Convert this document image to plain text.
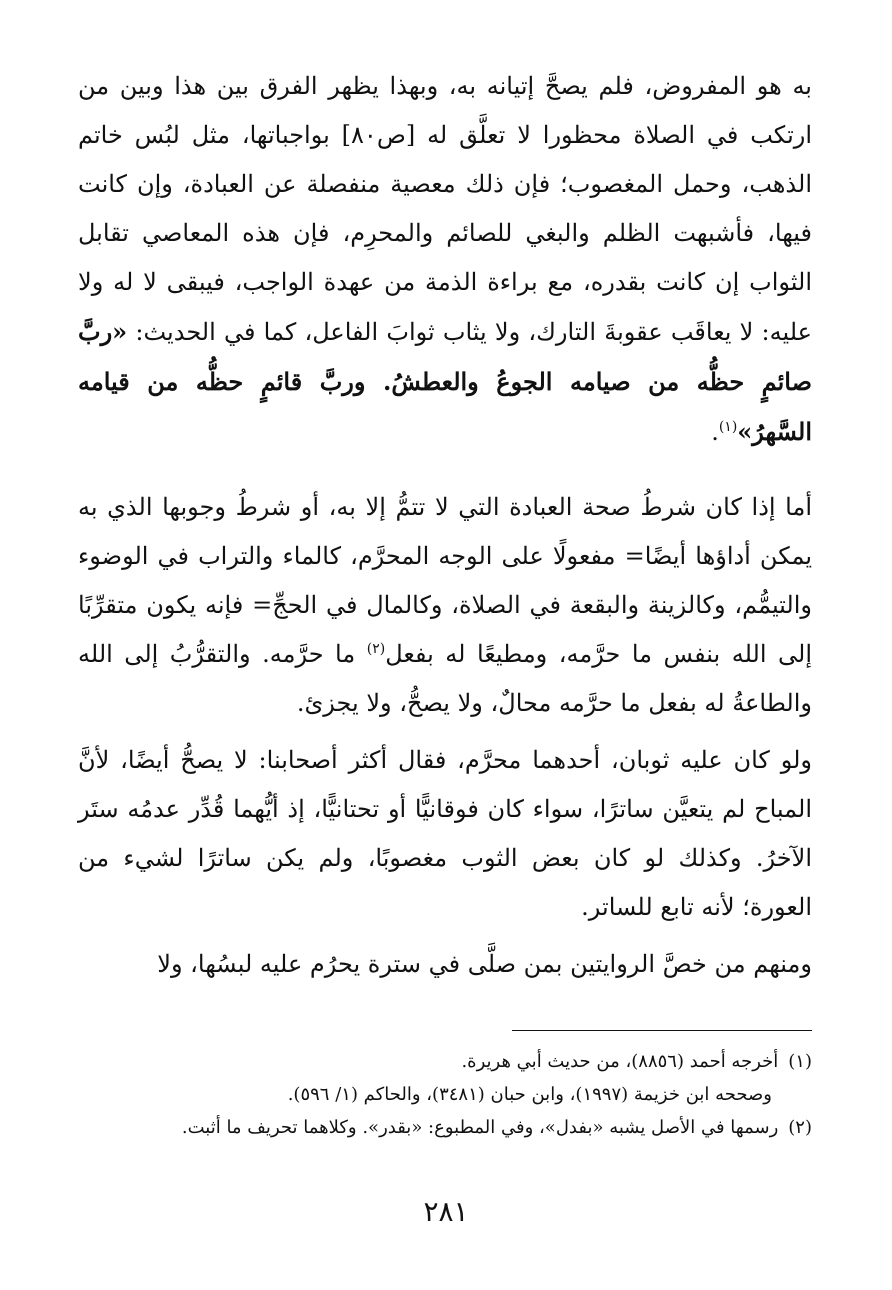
به هو المفروض، فلم يصحَّ إتيانه به، وبهذا يظهر الفرق بين هذا وبين من ارتكب في الصلاة محظورا لا تعلَّق له [ص٨٠] بواجباتها، مثل لبُس خاتم الذهب، وحمل المغصوب؛ فإن ذلك معصية منفصلة عن العبادة، وإن كانت فيها، فأشبهت الظلم والبغي للصائم والمحرِم، فإن هذه المعاصي تقابل الثواب إن كانت بقدره، مع براءة الذمة من عهدة الواجب، فيبقى لا له ولا عليه: لا يعاقَب عقوبةَ التارك، ولا يثاب ثوابَ الفاعل، كما في الحديث: «ربَّ صائمٍ حظُّه من صيامه الجوعُ والعطشُ. وربَّ قائمٍ حظُّه من قيامه السَّهرُ»$^{(١)}$.

أما إذا كان شرطُ صحة العبادة التي لا تتمُّ إلا به، أو شرطُ وجوبها الذي به يمكن أداؤها أيضًا= مفعولًا على الوجه المحرَّم، كالماء والتراب في الوضوء والتيمُّم، وكالزينة والبقعة في الصلاة، وكالمال في الحجِّ= فإنه يكون متقرِّبًا إلى الله بنفس ما حرَّمه، ومطيعًا له بفعل$^{(٢)}$ ما حرَّمه. والتقرُّبُ إلى الله والطاعةُ له بفعل ما حرَّمه محالٌ، ولا يصحُّ، ولا يجزئ.

ولو كان عليه ثوبان، أحدهما محرَّم، فقال أكثر أصحابنا: لا يصحُّ أيضًا، لأنَّ المباح لم يتعيَّن ساترًا، سواء كان فوقانيًّا أو تحتانيًّا، إذ أيُّهما قُدِّر عدمُه ستَر الآخرُ. وكذلك لو كان بعض الثوب مغصوبًا، ولم يكن ساترًا لشيء من العورة؛ لأنه تابع للساتر.

ومنهم من خصَّ الروايتين بمن صلَّى في سترة يحرُم عليه لبسُها، ولا

(١)أخرجه أحمد (٨٨٥٦)، من حديث أبي هريرة.

وصححه ابن خزيمة (١٩٩٧)، وابن حبان (٣٤٨١)، والحاكم (١/ ٥٩٦).

(٢)رسمها في الأصل يشبه «بفدل»، وفي المطبوع: «بقدر». وكلاهما تحريف ما أثبت.

٢٨١
